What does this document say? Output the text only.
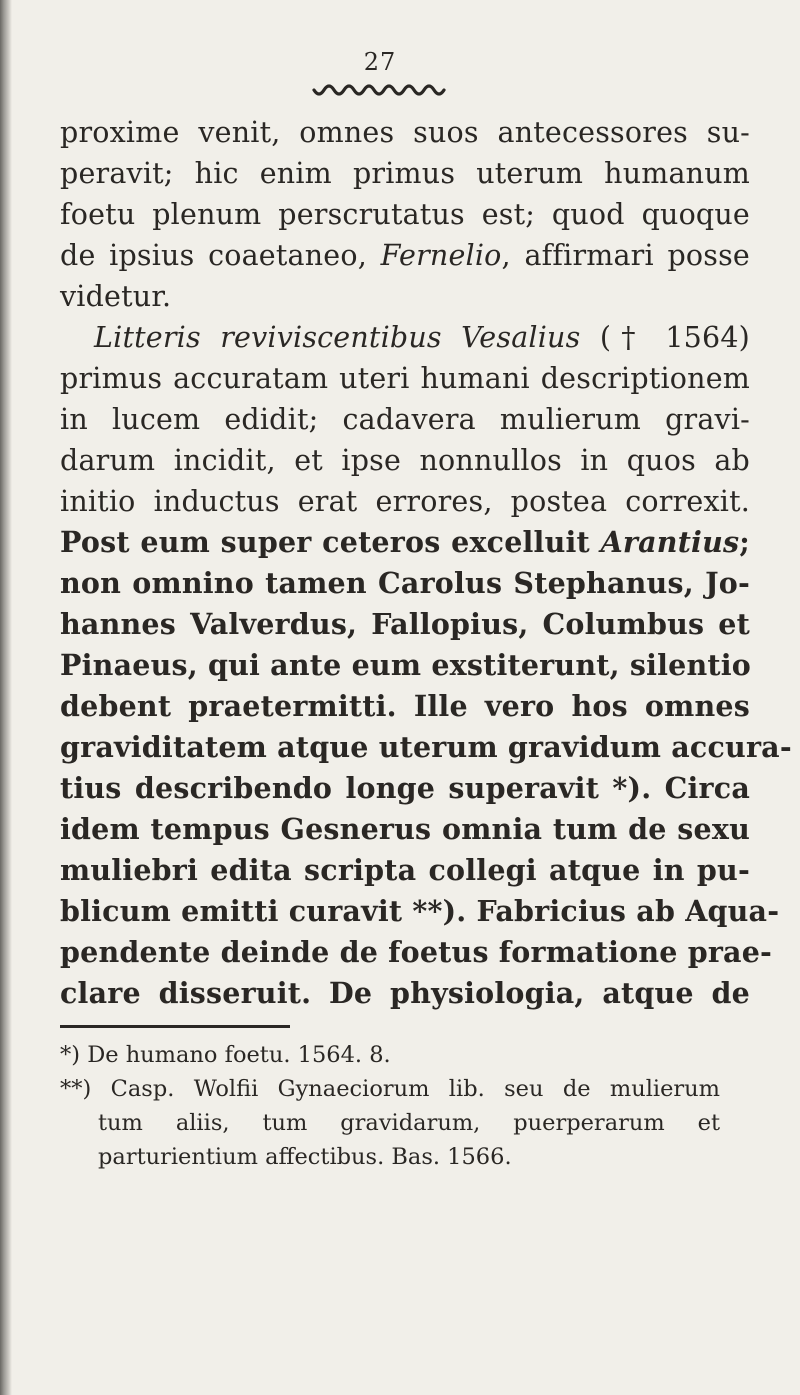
27
proxime venit, omnes suos antecessores su-
peravit; hic enim primus uterum humanum
foetu plenum perscrutatus est; quod quoque
de ipsius coaetaneo, Fernelio, affirmari posse
videtur.
Litteris reviviscentibus Vesalius († 1564)
primus accuratam uteri humani descriptionem
in lucem edidit; cadavera mulierum gravi-
darum incidit, et ipse nonnullos in quos ab
initio inductus erat errores, postea correxit.
Post eum super ceteros excelluit Arantius;
non omnino tamen Carolus Stephanus, Jo-
hannes Valverdus, Fallopius, Columbus et
Pinaeus, qui ante eum exstiterunt, silentio
debent praetermitti. Ille vero hos omnes
graviditatem atque uterum gravidum accura-
tius describendo longe superavit *). Circa
idem tempus Gesnerus omnia tum de sexu
muliebri edita scripta collegi atque in pu-
blicum emitti curavit **). Fabricius ab Aqua-
pendente deinde de foetus formatione prae-
clare disseruit. De physiologia, atque de
*) De humano foetu. 1564. 8.
**) Casp. Wolfii Gynaeciorum lib. seu de mulierum
tum aliis, tum gravidarum, puerperarum et
parturientium affectibus. Bas. 1566.
